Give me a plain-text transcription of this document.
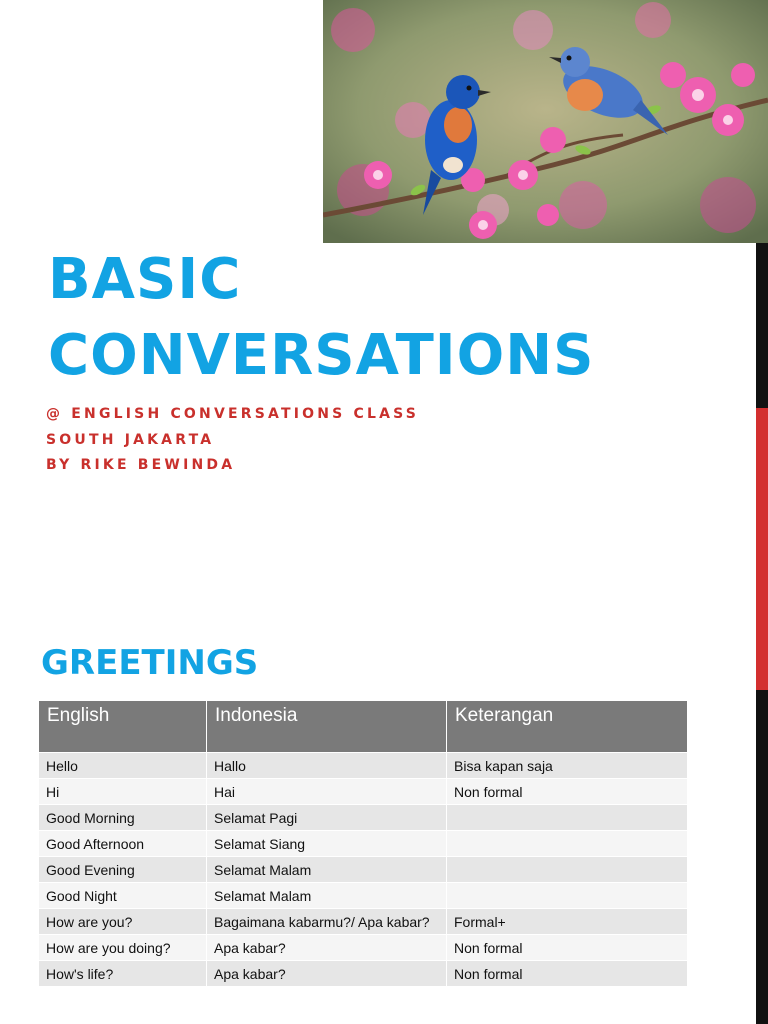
BASIC
CONVERSATIONS
@ ENGLISH CONVERSATIONS CLASS
SOUTH JAKARTA
BY RIKE BEWINDA
GREETINGS
English	Indonesia	Keterangan
Hello	Hallo	Bisa kapan saja
Hi	Hai	Non formal
Good Morning	Selamat Pagi	
Good Afternoon	Selamat Siang	
Good Evening	Selamat Malam	
Good Night	Selamat Malam	
How are you?	Bagaimana kabarmu?/ Apa kabar?	Formal+
How are you doing?	Apa kabar?	Non formal
How's life?	Apa kabar?	Non formal
